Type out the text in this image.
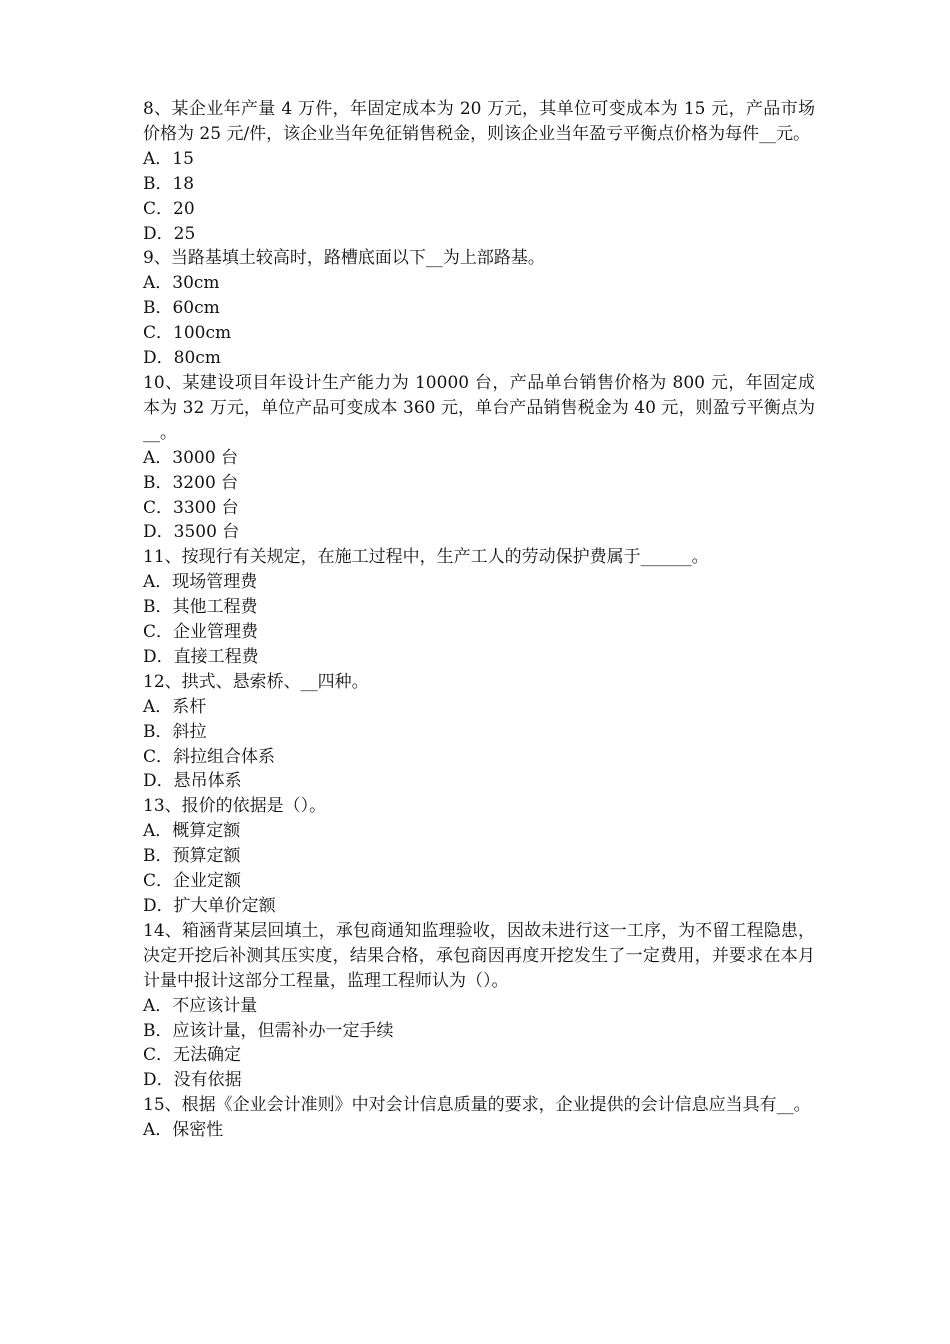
8、某企业年产量 4 万件，年固定成本为 20 万元，其单位可变成本为 15 元，产品市场价格为 25 元/件，该企业当年免征销售税金，则该企业当年盈亏平衡点价格为每件__元。

A．15
B．18
C．20
D．25

9、当路基填土较高时，路槽底面以下__为上部路基。

A．30cm
B．60cm
C．100cm
D．80cm

10、某建设项目年设计生产能力为 10000 台，产品单台销售价格为 800 元，年固定成本为 32 万元，单位产品可变成本 360 元，单台产品销售税金为 40 元，则盈亏平衡点为__。

A．3000 台
B．3200 台
C．3300 台
D．3500 台

11、按现行有关规定，在施工过程中，生产工人的劳动保护费属于______。

A．现场管理费
B．其他工程费
C．企业管理费
D．直接工程费

12、拱式、悬索桥、__四种。

A．系杆
B．斜拉
C．斜拉组合体系
D．悬吊体系

13、报价的依据是（）。

A．概算定额
B．预算定额
C．企业定额
D．扩大单价定额

14、箱涵背某层回填土，承包商通知监理验收，因故未进行这一工序，为不留工程隐患，决定开挖后补测其压实度，结果合格，承包商因再度开挖发生了一定费用，并要求在本月计量中报计这部分工程量，监理工程师认为（）。

A．不应该计量
B．应该计量，但需补办一定手续
C．无法确定
D．没有依据

15、根据《企业会计准则》中对会计信息质量的要求，企业提供的会计信息应当具有__。

A．保密性
